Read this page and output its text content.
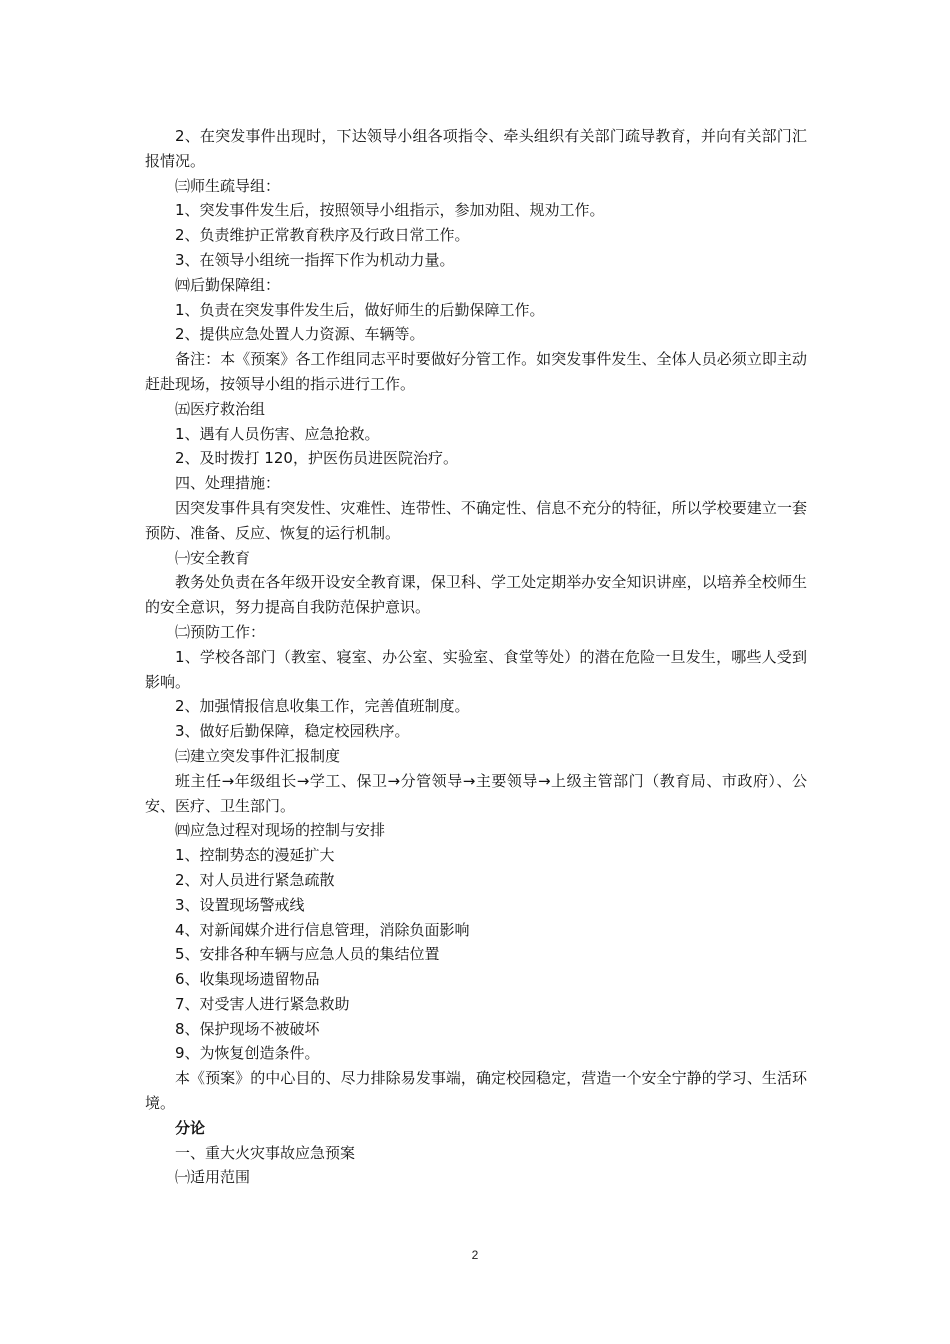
2、在突发事件出现时，下达领导小组各项指令、牵头组织有关部门疏导教育，并向有关部门汇报情况。

㈢师生疏导组：

1、突发事件发生后，按照领导小组指示，参加劝阻、规劝工作。

2、负责维护正常教育秩序及行政日常工作。

3、在领导小组统一指挥下作为机动力量。

㈣后勤保障组：

1、负责在突发事件发生后，做好师生的后勤保障工作。

2、提供应急处置人力资源、车辆等。

备注：本《预案》各工作组同志平时要做好分管工作。如突发事件发生、全体人员必须立即主动赶赴现场，按领导小组的指示进行工作。

㈤医疗救治组

1、遇有人员伤害、应急抢救。

2、及时拨打 120，护医伤员进医院治疗。

四、处理措施：

因突发事件具有突发性、灾难性、连带性、不确定性、信息不充分的特征，所以学校要建立一套预防、准备、反应、恢复的运行机制。

㈠安全教育

教务处负责在各年级开设安全教育课，保卫科、学工处定期举办安全知识讲座，以培养全校师生的安全意识，努力提高自我防范保护意识。

㈡预防工作：

1、学校各部门（教室、寝室、办公室、实验室、食堂等处）的潜在危险一旦发生，哪些人受到影响。

2、加强情报信息收集工作，完善值班制度。

3、做好后勤保障，稳定校园秩序。

㈢建立突发事件汇报制度

班主任→年级组长→学工、保卫→分管领导→主要领导→上级主管部门（教育局、市政府）、公安、医疗、卫生部门。

㈣应急过程对现场的控制与安排

1、控制势态的漫延扩大

2、对人员进行紧急疏散

3、设置现场警戒线

4、对新闻媒介进行信息管理，消除负面影响

5、安排各种车辆与应急人员的集结位置

6、收集现场遗留物品

7、对受害人进行紧急救助

8、保护现场不被破坏

9、为恢复创造条件。

本《预案》的中心目的、尽力排除易发事端，确定校园稳定，营造一个安全宁静的学习、生活环境。

分论

一、重大火灾事故应急预案

㈠适用范围

2
